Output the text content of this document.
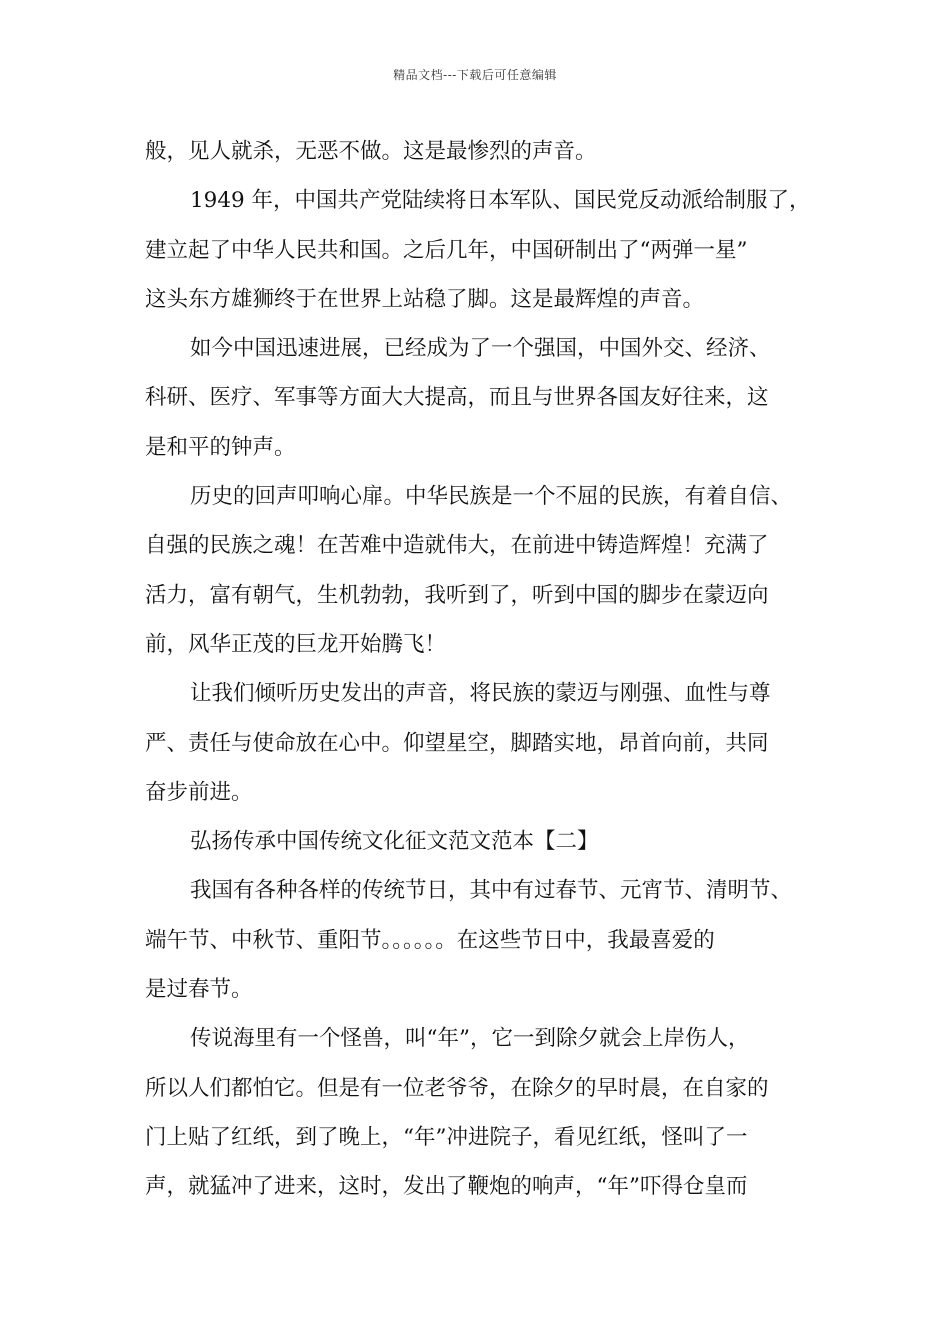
精品文档---下载后可任意编辑
般，见人就杀，无恶不做。这是最惨烈的声音。
1949 年，中国共产党陆续将日本军队、国民党反动派给制服了，
建立起了中华人民共和国。之后几年，中国研制出了“两弹一星”
这头东方雄狮终于在世界上站稳了脚。这是最辉煌的声音。
如今中国迅速进展，已经成为了一个强国，中国外交、经济、
科研、医疗、军事等方面大大提高，而且与世界各国友好往来，这
是和平的钟声。
历史的回声叩响心扉。中华民族是一个不屈的民族，有着自信、
自强的民族之魂！在苦难中造就伟大，在前进中铸造辉煌！充满了
活力，富有朝气，生机勃勃，我听到了，听到中国的脚步在蒙迈向
前，风华正茂的巨龙开始腾飞！
让我们倾听历史发出的声音，将民族的蒙迈与刚强、血性与尊
严、责任与使命放在心中。仰望星空，脚踏实地，昂首向前，共同
奋步前进。
弘扬传承中国传统文化征文范文范本【二】
我国有各种各样的传统节日，其中有过春节、元宵节、清明节、
端午节、中秋节、重阳节。。。。。。在这些节日中，我最喜爱的
是过春节。
传说海里有一个怪兽，叫“年”，它一到除夕就会上岸伤人，
所以人们都怕它。但是有一位老爷爷，在除夕的早时晨，在自家的
门上贴了红纸，到了晚上，“年”冲进院子，看见红纸，怪叫了一
声，就猛冲了进来，这时，发出了鞭炮的响声，“年”吓得仓皇而
